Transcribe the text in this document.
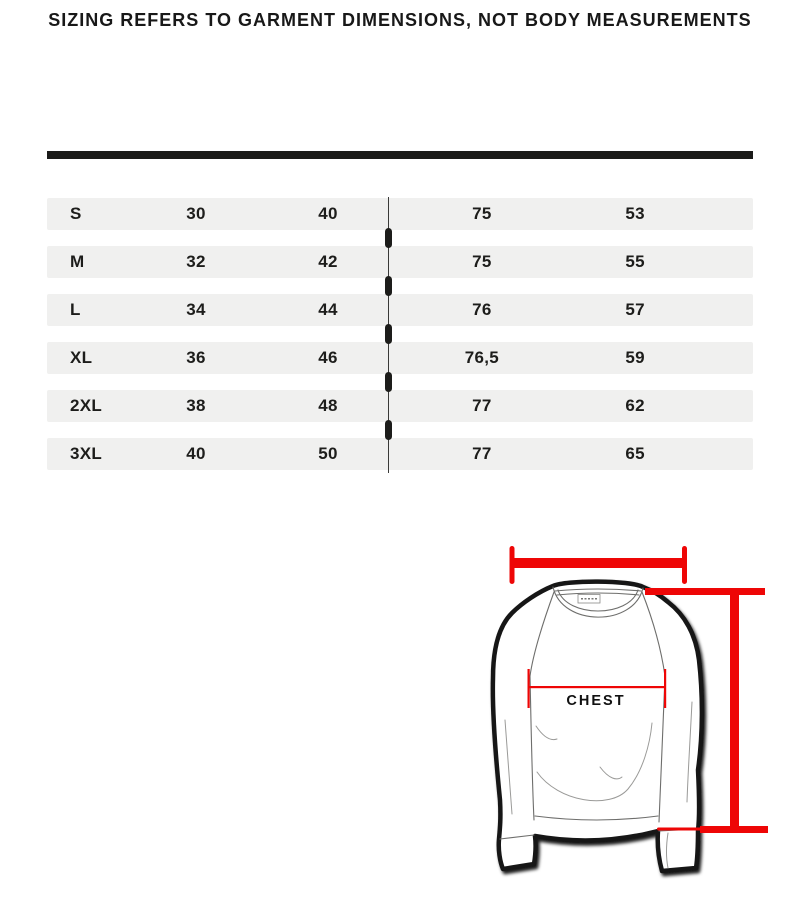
SIZING REFERS TO GARMENT DIMENSIONS, NOT BODY MEASUREMENTS
S	30	40	75	53
M	32	42	75	55
L	34	44	76	57
XL	36	46	76,5	59
2XL	38	48	77	62
3XL	40	50	77	65
CHEST
